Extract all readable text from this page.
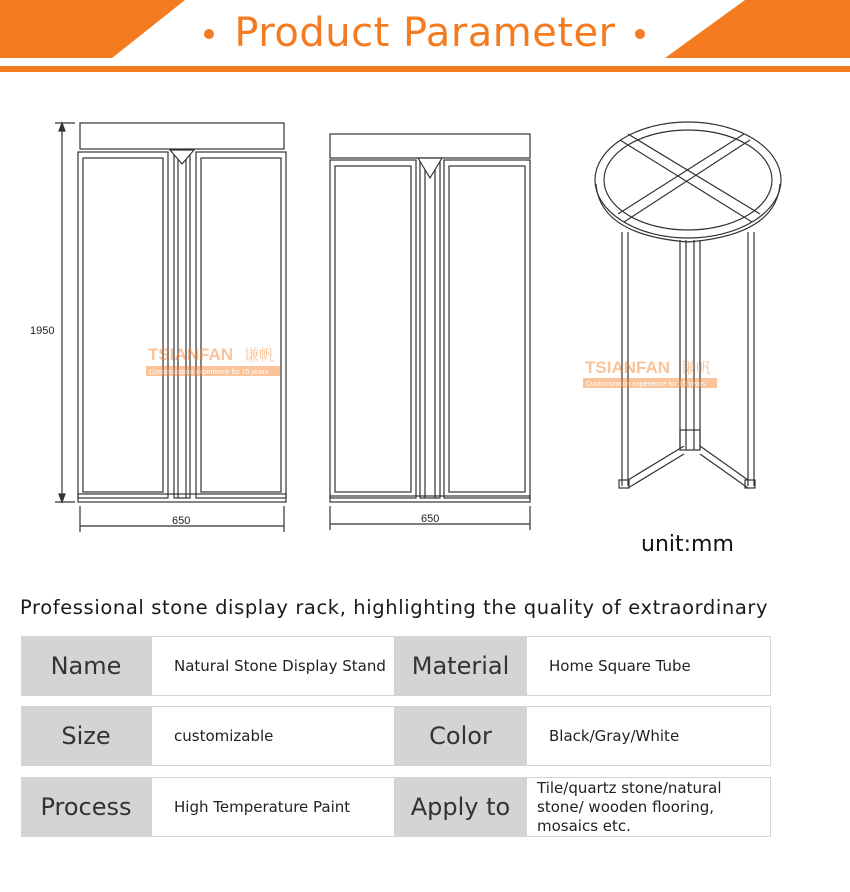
Product Parameter
1950
650	650
TSIANFAN 谦帆
Customization experience for 15 years	TSIANFAN 谦帆
Customization experience for 15 years
unit:mm
Professional stone display rack, highlighting the quality of extraordinary
Name	Natural Stone Display Stand	Material	Home Square Tube
Size	customizable	Color	Black/Gray/White
Process	High Temperature Paint	Apply to
Tile/quartz stone/natural stone/ wooden flooring, mosaics etc.
